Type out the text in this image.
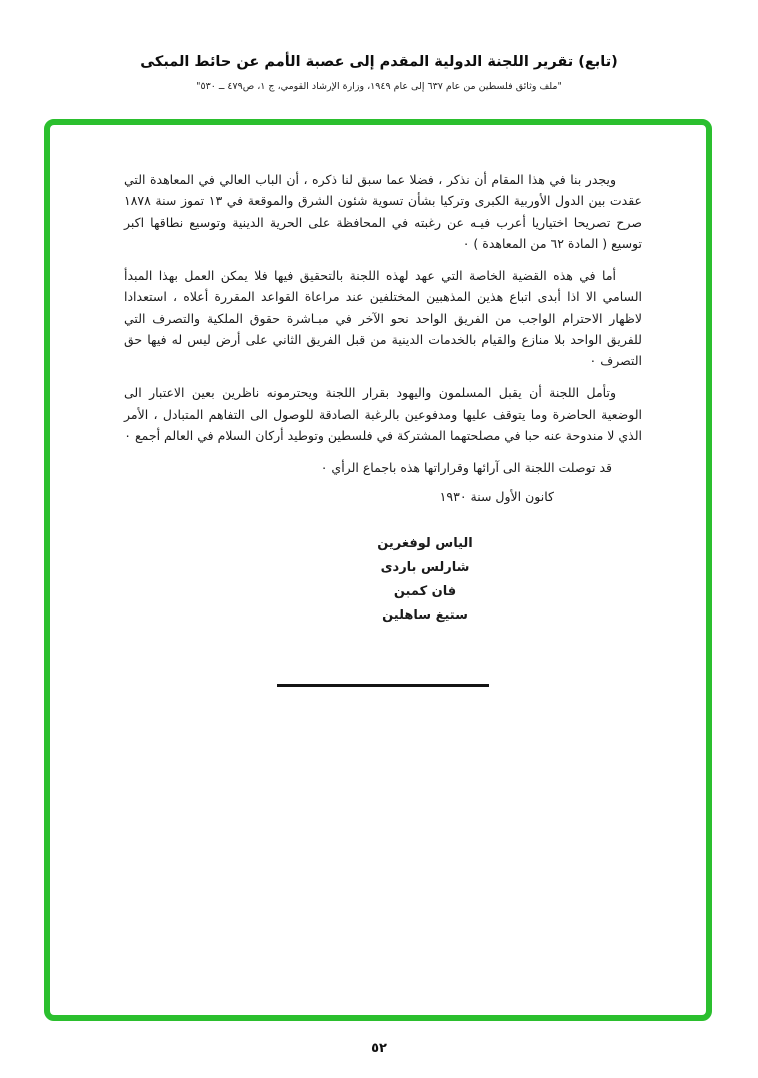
(تابع) تقرير اللجنة الدولية المقدم إلى عصبة الأمم عن حائط المبكى
"ملف وثائق فلسطين من عام ٦٣٧ إلى عام ١٩٤٩، وزارة الإرشاد القومي، ج ١، ص٤٧٩ ــ ٥٣٠"

ويجدر بنا في هذا المقام أن نذكر ، فضلا عما سبق لنا ذكره ، أن الباب العالي في المعاهدة التي عقدت بين الدول الأوربية الكبرى وتركيا بشأن تسوية شئون الشرق والموقعة في ١٣ تموز سنة ١٨٧٨ صرح تصريحا اختياريا أعرب فيـه عن رغبته في المحافظة على الحرية الدينية وتوسيع نطاقها اكبر توسيع ( المادة ٦٢ من المعاهدة ) ٠

أما في هذه القضية الخاصة التي عهد لهذه اللجنة بالتحقيق فيها فلا يمكن العمل بهذا المبدأ السامي الا اذا أبدى اتباع هذين المذهبين المختلفين عند مراعاة القواعد المقررة أعلاه ، استعدادا لاظهار الاحترام الواجب من الفريق الواحد نحو الآخر في مبـاشرة حقوق الملكية والتصرف التي للفريق الواحد بلا منازع والقيام بالخدمات الدينية من قبل الفريق الثاني على أرض ليس له فيها حق التصرف ٠

وتأمل اللجنة أن يقبل المسلمون واليهود بقرار اللجنة ويحترمونه ناظرين بعين الاعتبار الى الوضعية الحاضرة وما يتوقف عليها ومدفوعين بالرغبة الصادقة للوصول الى التفاهم المتبادل ، الأمر الذي لا مندوحة عنه حبا في مصلحتهما المشتركة في فلسطين وتوطيد أركان السلام في العالم أجمع ٠

قد توصلت اللجنة الى آرائها وقراراتها هذه باجماع الرأي ٠

كانون الأول سنة ١٩٣٠

الياس لوفغرين
شارلس باردى
فان كمبن
ستيغ ساهلين
٥٢
